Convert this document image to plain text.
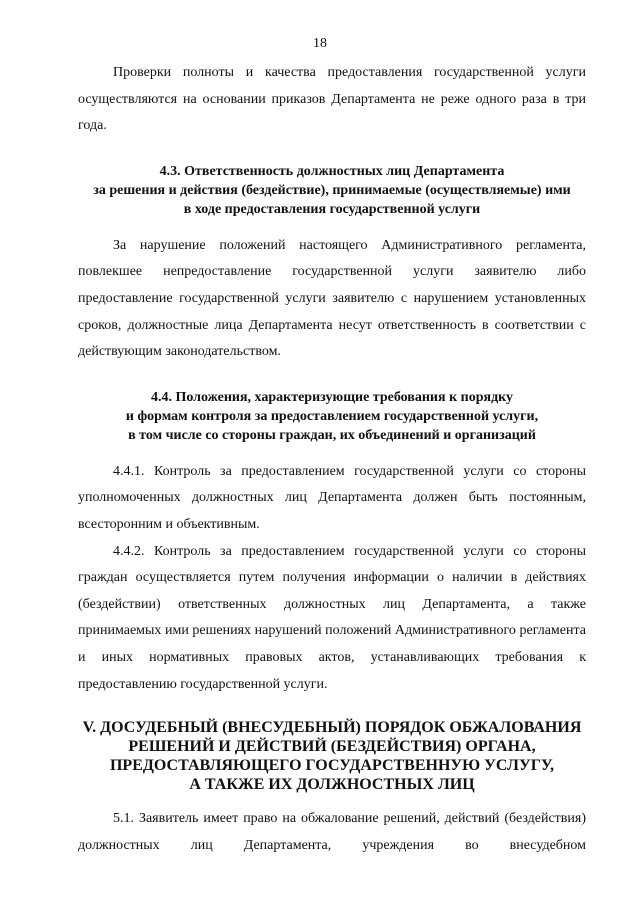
18

Проверки полноты и качества предоставления государственной услуги осуществляются на основании приказов Департамента не реже одного раза в три года.

4.3. Ответственность должностных лиц Департамента
за решения и действия (бездействие), принимаемые (осуществляемые) ими
в ходе предоставления государственной услуги

За нарушение положений настоящего Административного регламента, повлекшее непредоставление государственной услуги заявителю либо предоставление государственной услуги заявителю с нарушением установленных сроков, должностные лица Департамента несут ответственность в соответствии с действующим законодательством.

4.4. Положения, характеризующие требования к порядку
и формам контроля за предоставлением государственной услуги,
в том числе со стороны граждан, их объединений и организаций

4.4.1. Контроль за предоставлением государственной услуги со стороны уполномоченных должностных лиц Департамента должен быть постоянным, всесторонним и объективным.

4.4.2. Контроль за предоставлением государственной услуги со стороны граждан осуществляется путем получения информации о наличии в действиях (бездействии) ответственных должностных лиц Департамента, а также принимаемых ими решениях нарушений положений Административного регламента и иных нормативных правовых актов, устанавливающих требования к предоставлению государственной услуги.

V. ДОСУДЕБНЫЙ (ВНЕСУДЕБНЫЙ) ПОРЯДОК ОБЖАЛОВАНИЯ
РЕШЕНИЙ И ДЕЙСТВИЙ (БЕЗДЕЙСТВИЯ) ОРГАНА,
ПРЕДОСТАВЛЯЮЩЕГО ГОСУДАРСТВЕННУЮ УСЛУГУ,
А ТАКЖЕ ИХ ДОЛЖНОСТНЫХ ЛИЦ

5.1. Заявитель имеет право на обжалование решений, действий (бездействия) должностных лиц Департамента, учреждения во внесудебном
